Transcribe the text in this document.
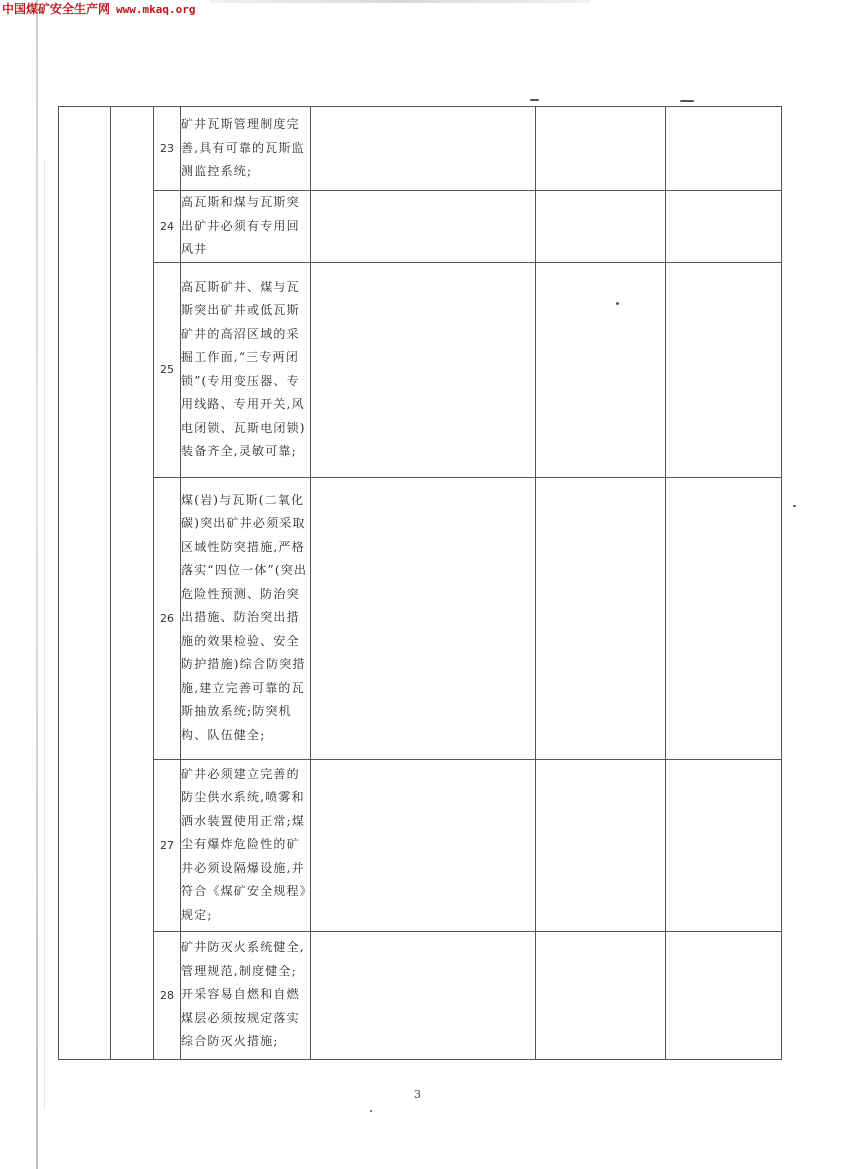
中国煤矿安全生产网 www.mkaq.org
		23	矿井瓦斯管理制度完善,具有可靠的瓦斯监测监控系统;			
		24	高瓦斯和煤与瓦斯突出矿井必须有专用回风井			
		25	高瓦斯矿井、煤与瓦斯突出矿井或低瓦斯矿井的高沼区域的采掘工作面,“三专两闭锁”(专用变压器、专用线路、专用开关,风电闭锁、瓦斯电闭锁)装备齐全,灵敏可靠;			
		26	煤(岩)与瓦斯(二氧化碳)突出矿井必须采取区域性防突措施,严格落实“四位一体”(突出危险性预测、防治突出措施、防治突出措施的效果检验、安全防护措施)综合防突措施,建立完善可靠的瓦斯抽放系统;防突机构、队伍健全;			
		27	矿井必须建立完善的防尘供水系统,喷雾和洒水装置使用正常;煤尘有爆炸危险性的矿井必须设隔爆设施,并符合《煤矿安全规程》规定;			
		28	矿井防灭火系统健全,管理规范,制度健全;开采容易自燃和自燃煤层必须按规定落实综合防灭火措施;			
3
